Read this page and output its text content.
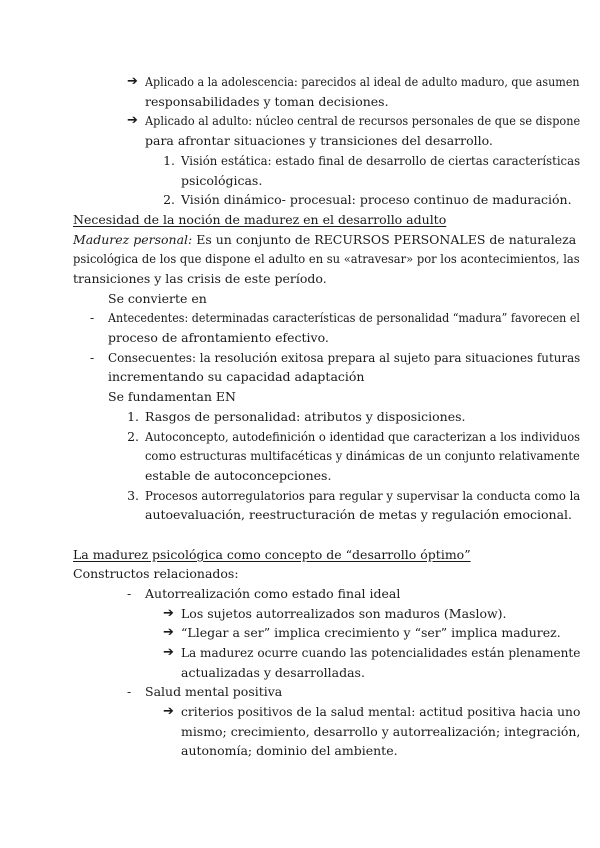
➔ Aplicado a la adolescencia: parecidos al ideal de adulto maduro, que asumen
responsabilidades y toman decisiones.
➔ Aplicado al adulto: núcleo central de recursos personales de que se dispone
para afrontar situaciones y transiciones del desarrollo.
1. Visión estática: estado final de desarrollo de ciertas características
psicológicas.
2. Visión dinámico- procesual: proceso continuo de maduración.
Necesidad de la noción de madurez en el desarrollo adulto
Madurez personal: Es un conjunto de RECURSOS PERSONALES de naturaleza
psicológica de los que dispone el adulto en su «atravesar» por los acontecimientos, las
transiciones y las crisis de este período.
Se convierte en
- Antecedentes: determinadas características de personalidad “madura” favorecen el
proceso de afrontamiento efectivo.
- Consecuentes: la resolución exitosa prepara al sujeto para situaciones futuras
incrementando su capacidad adaptación
Se fundamentan EN
1. Rasgos de personalidad: atributos y disposiciones.
2. Autoconcepto, autodefinición o identidad que caracterizan a los individuos
como estructuras multifacéticas y dinámicas de un conjunto relativamente
estable de autoconcepciones.
3. Procesos autorregulatorios para regular y supervisar la conducta como la
autoevaluación, reestructuración de metas y regulación emocional.
La madurez psicológica como concepto de “desarrollo óptimo”
Constructos relacionados:
- Autorrealización como estado final ideal
➔ Los sujetos autorrealizados son maduros (Maslow).
➔ “Llegar a ser” implica crecimiento y “ser” implica madurez.
➔ La madurez ocurre cuando las potencialidades están plenamente
actualizadas y desarrolladas.
- Salud mental positiva
➔ criterios positivos de la salud mental: actitud positiva hacia uno
mismo; crecimiento, desarrollo y autorrealización; integración,
autonomía; dominio del ambiente.
